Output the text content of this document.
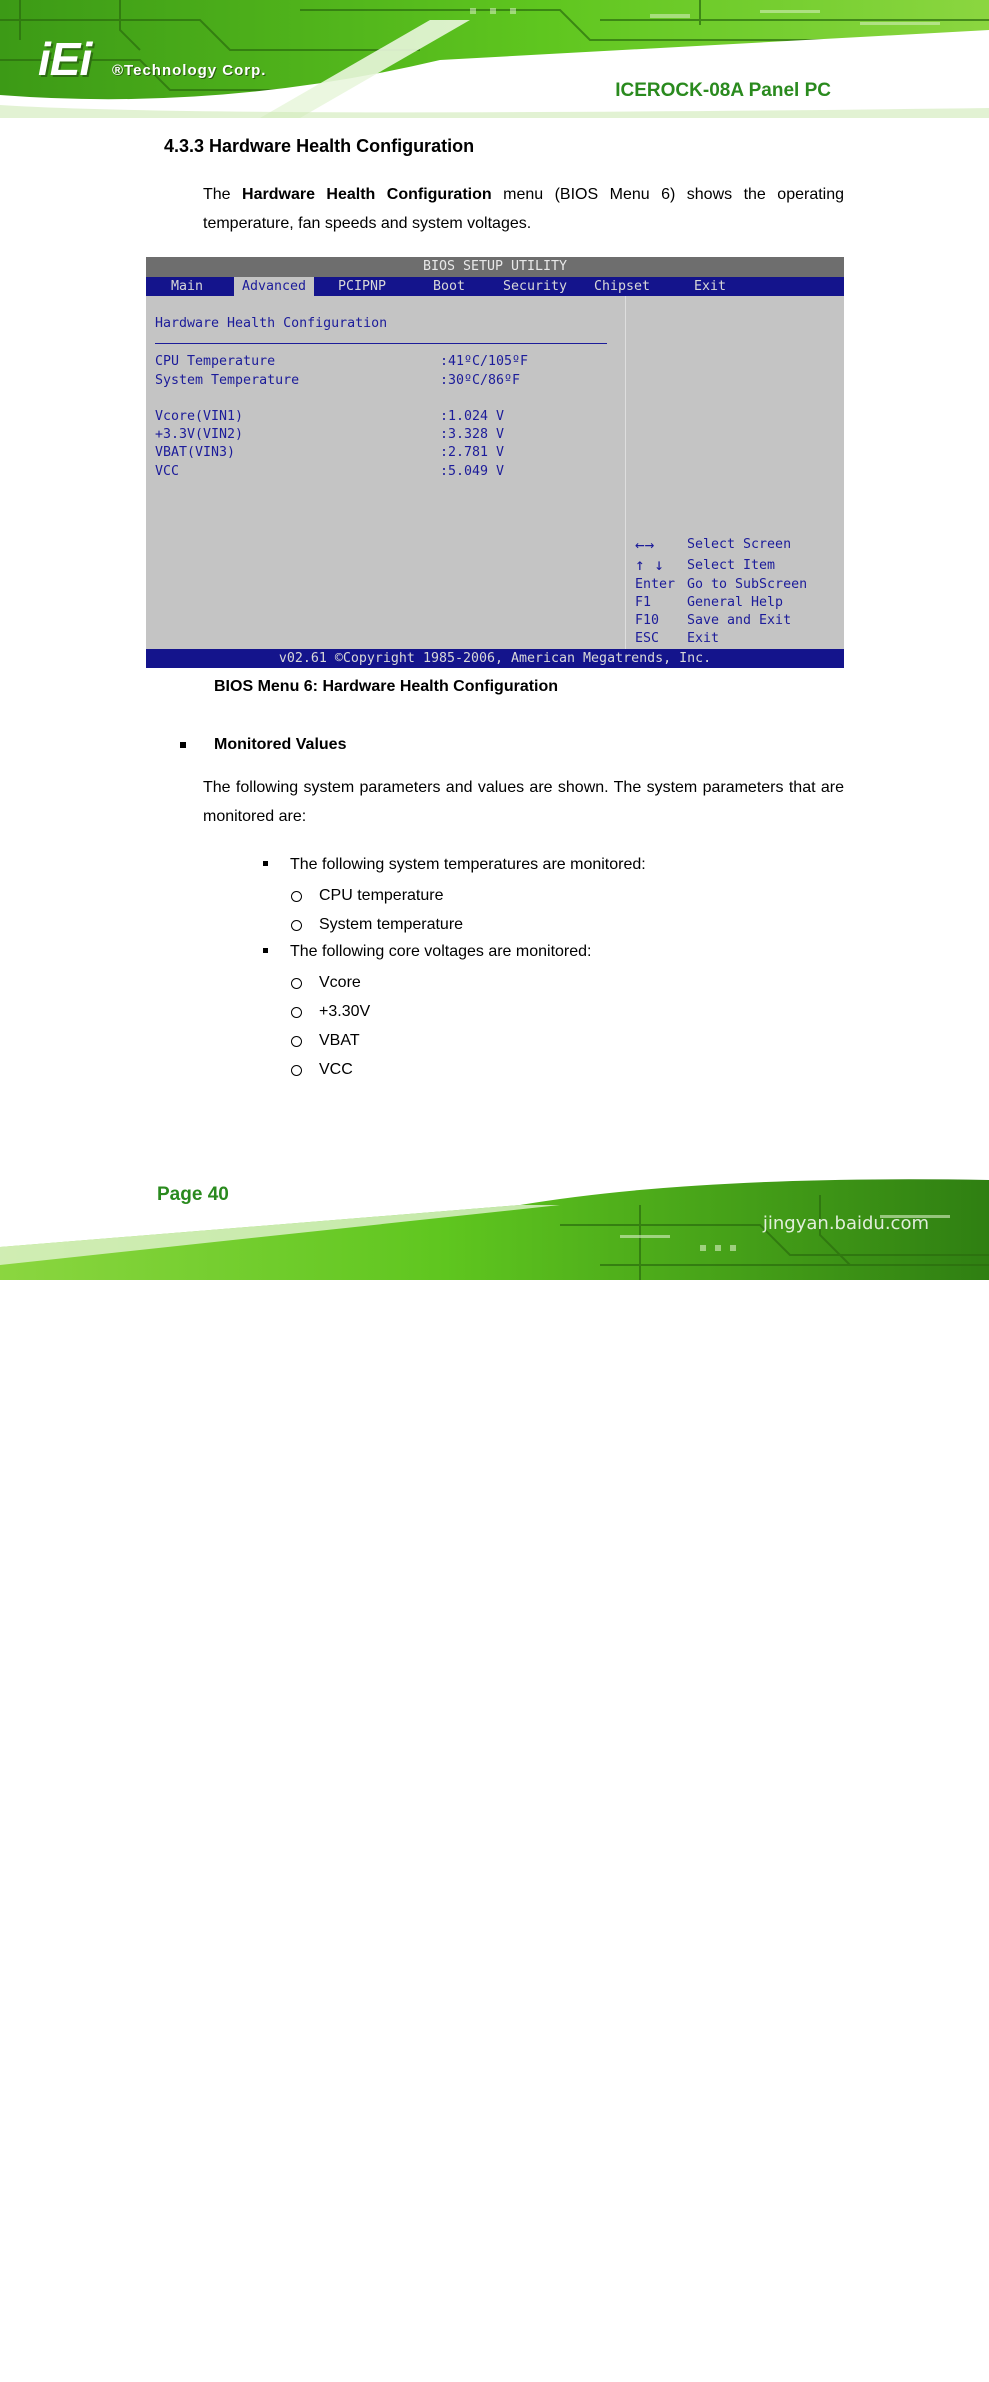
iEi ®Technology Corp.
ICEROCK-08A Panel PC
4.3.3 Hardware Health Configuration
The Hardware Health Configuration menu (BIOS Menu 6) shows the operating temperature, fan speeds and system voltages.
BIOS SETUP UTILITY
Main	Advanced	PCIPNP	Boot	Security Chipset	Exit
Hardware Health Configuration
CPU Temperature	:41ºC/105ºF
System Temperature	:30ºC/86ºF
Vcore(VIN1)	:1.024 V
+3.3V(VIN2)	:3.328 V
VBAT(VIN3)	:2.781 V
VCC	:5.049 V
←→ Select Screen
↑ ↓ Select Item
Enter Go to SubScreen
F1	General Help
F10 Save and Exit
ESC Exit
v02.61 ©Copyright 1985-2006, American Megatrends, Inc.
BIOS Menu 6: Hardware Health Configuration
Monitored Values
The following system parameters and values are shown. The system parameters that are monitored are:
The following system temperatures are monitored:
CPU temperature
System temperature
The following core voltages are monitored:
Vcore
+3.30V
VBAT
VCC
Baidu经验
jingyan.baidu.com
Page 40
